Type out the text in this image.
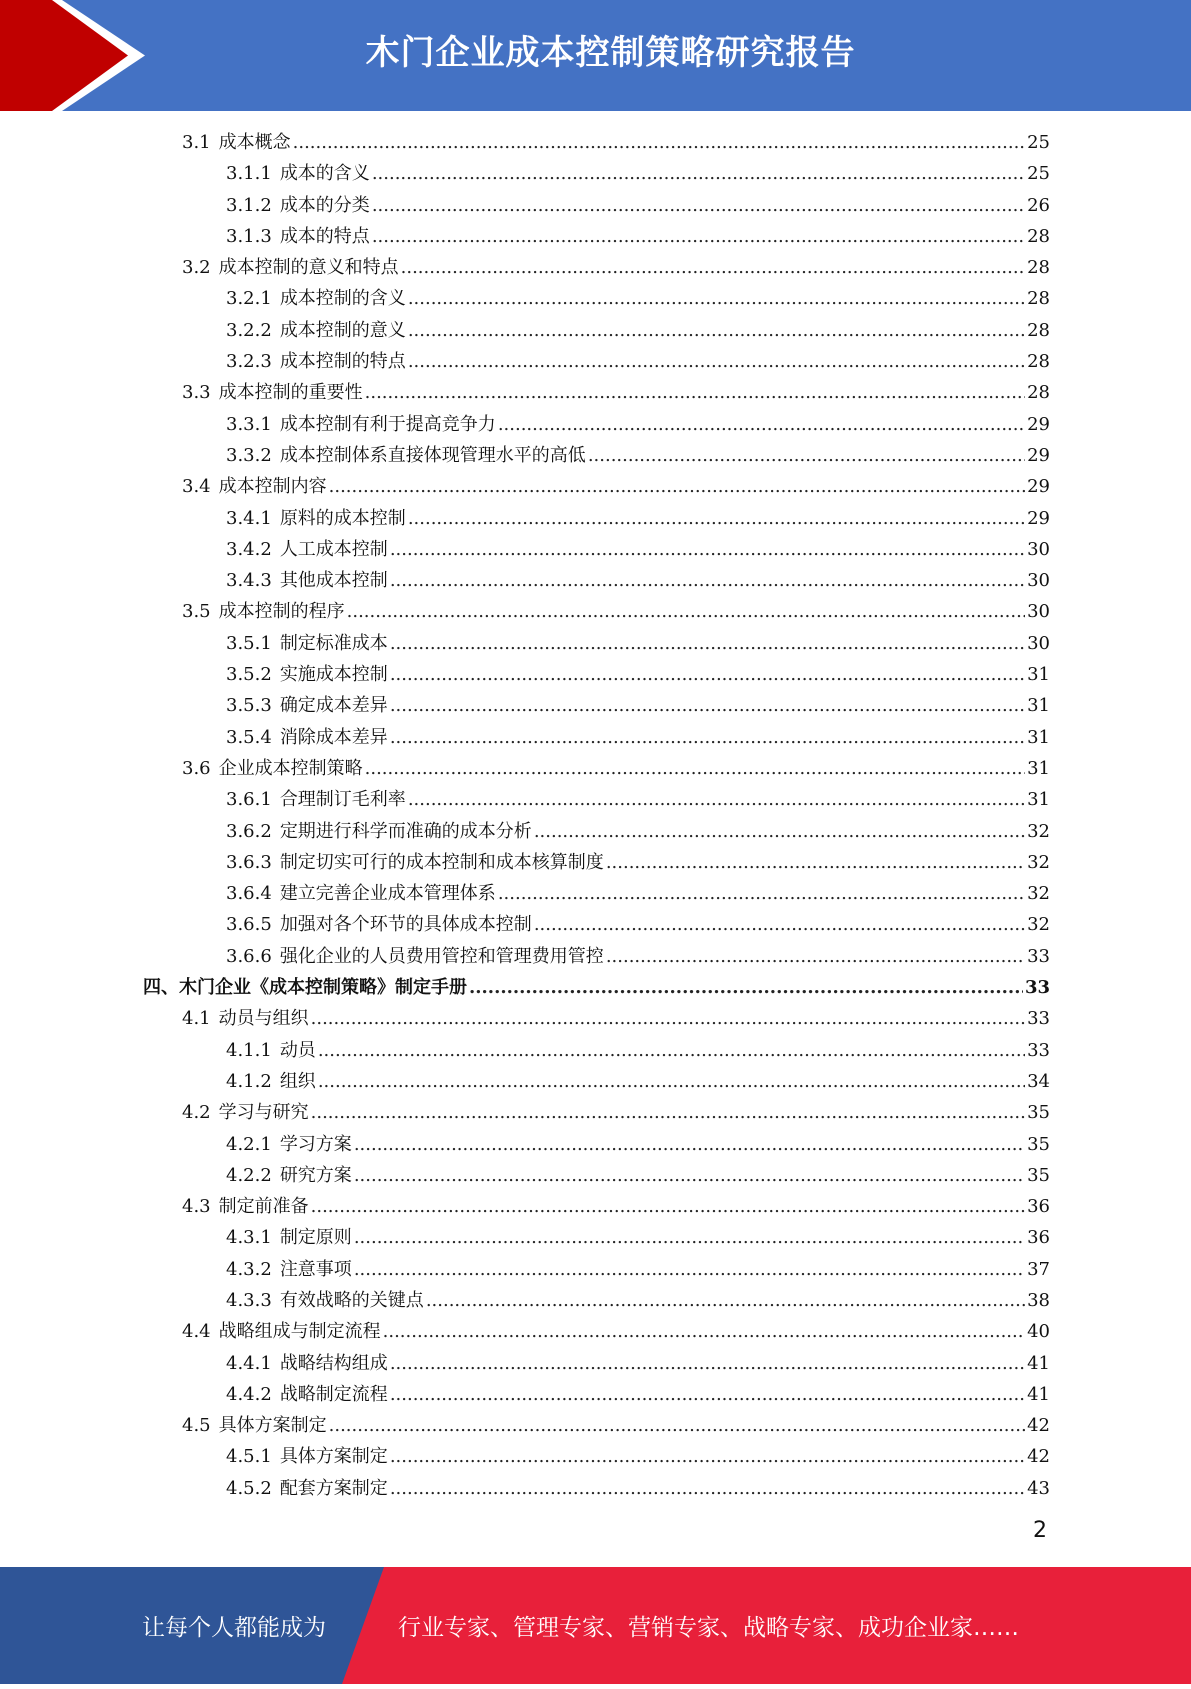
木门企业成本控制策略研究报告
3.1 成本概念 .....	25
3.1.1 成本的含义 .....	25
3.1.2 成本的分类 .....	26
3.1.3 成本的特点 .....	28
3.2 成本控制的意义和特点 .....	28
3.2.1 成本控制的含义 .....	28
3.2.2 成本控制的意义 .....	28
3.2.3 成本控制的特点 .....	28
3.3 成本控制的重要性 .....	28
3.3.1 成本控制有利于提高竞争力 .....	29
3.3.2 成本控制体系直接体现管理水平的高低 .....	29
3.4 成本控制内容 .....	29
3.4.1 原料的成本控制 .....	29
3.4.2 人工成本控制 .....	30
3.4.3 其他成本控制 .....	30
3.5 成本控制的程序 .....	30
3.5.1 制定标准成本 .....	30
3.5.2 实施成本控制 .....	31
3.5.3 确定成本差异 .....	31
3.5.4 消除成本差异 .....	31
3.6 企业成本控制策略 .....	31
3.6.1 合理制订毛利率 .....	31
3.6.2 定期进行科学而准确的成本分析 .....	32
3.6.3 制定切实可行的成本控制和成本核算制度 .....	32
3.6.4 建立完善企业成本管理体系 .....	32
3.6.5 加强对各个环节的具体成本控制 .....	32
3.6.6 强化企业的人员费用管控和管理费用管控 .....	33
四、木门企业《成本控制策略》制定手册 .....	33
4.1 动员与组织 .....	33
4.1.1 动员 .....	33
4.1.2 组织 .....	34
4.2 学习与研究 .....	35
4.2.1 学习方案 .....	35
4.2.2 研究方案 .....	35
4.3 制定前准备 .....	36
4.3.1 制定原则 .....	36
4.3.2 注意事项 .....	37
4.3.3 有效战略的关键点 .....	38
4.4 战略组成与制定流程 .....	40
4.4.1 战略结构组成 .....	41
4.4.2 战略制定流程 .....	41
4.5 具体方案制定 .....	42
4.5.1 具体方案制定 .....	42
4.5.2 配套方案制定 .....	43
2
让每个人都能成为	行业专家、管理专家、营销专家、战略专家、成功企业家……
